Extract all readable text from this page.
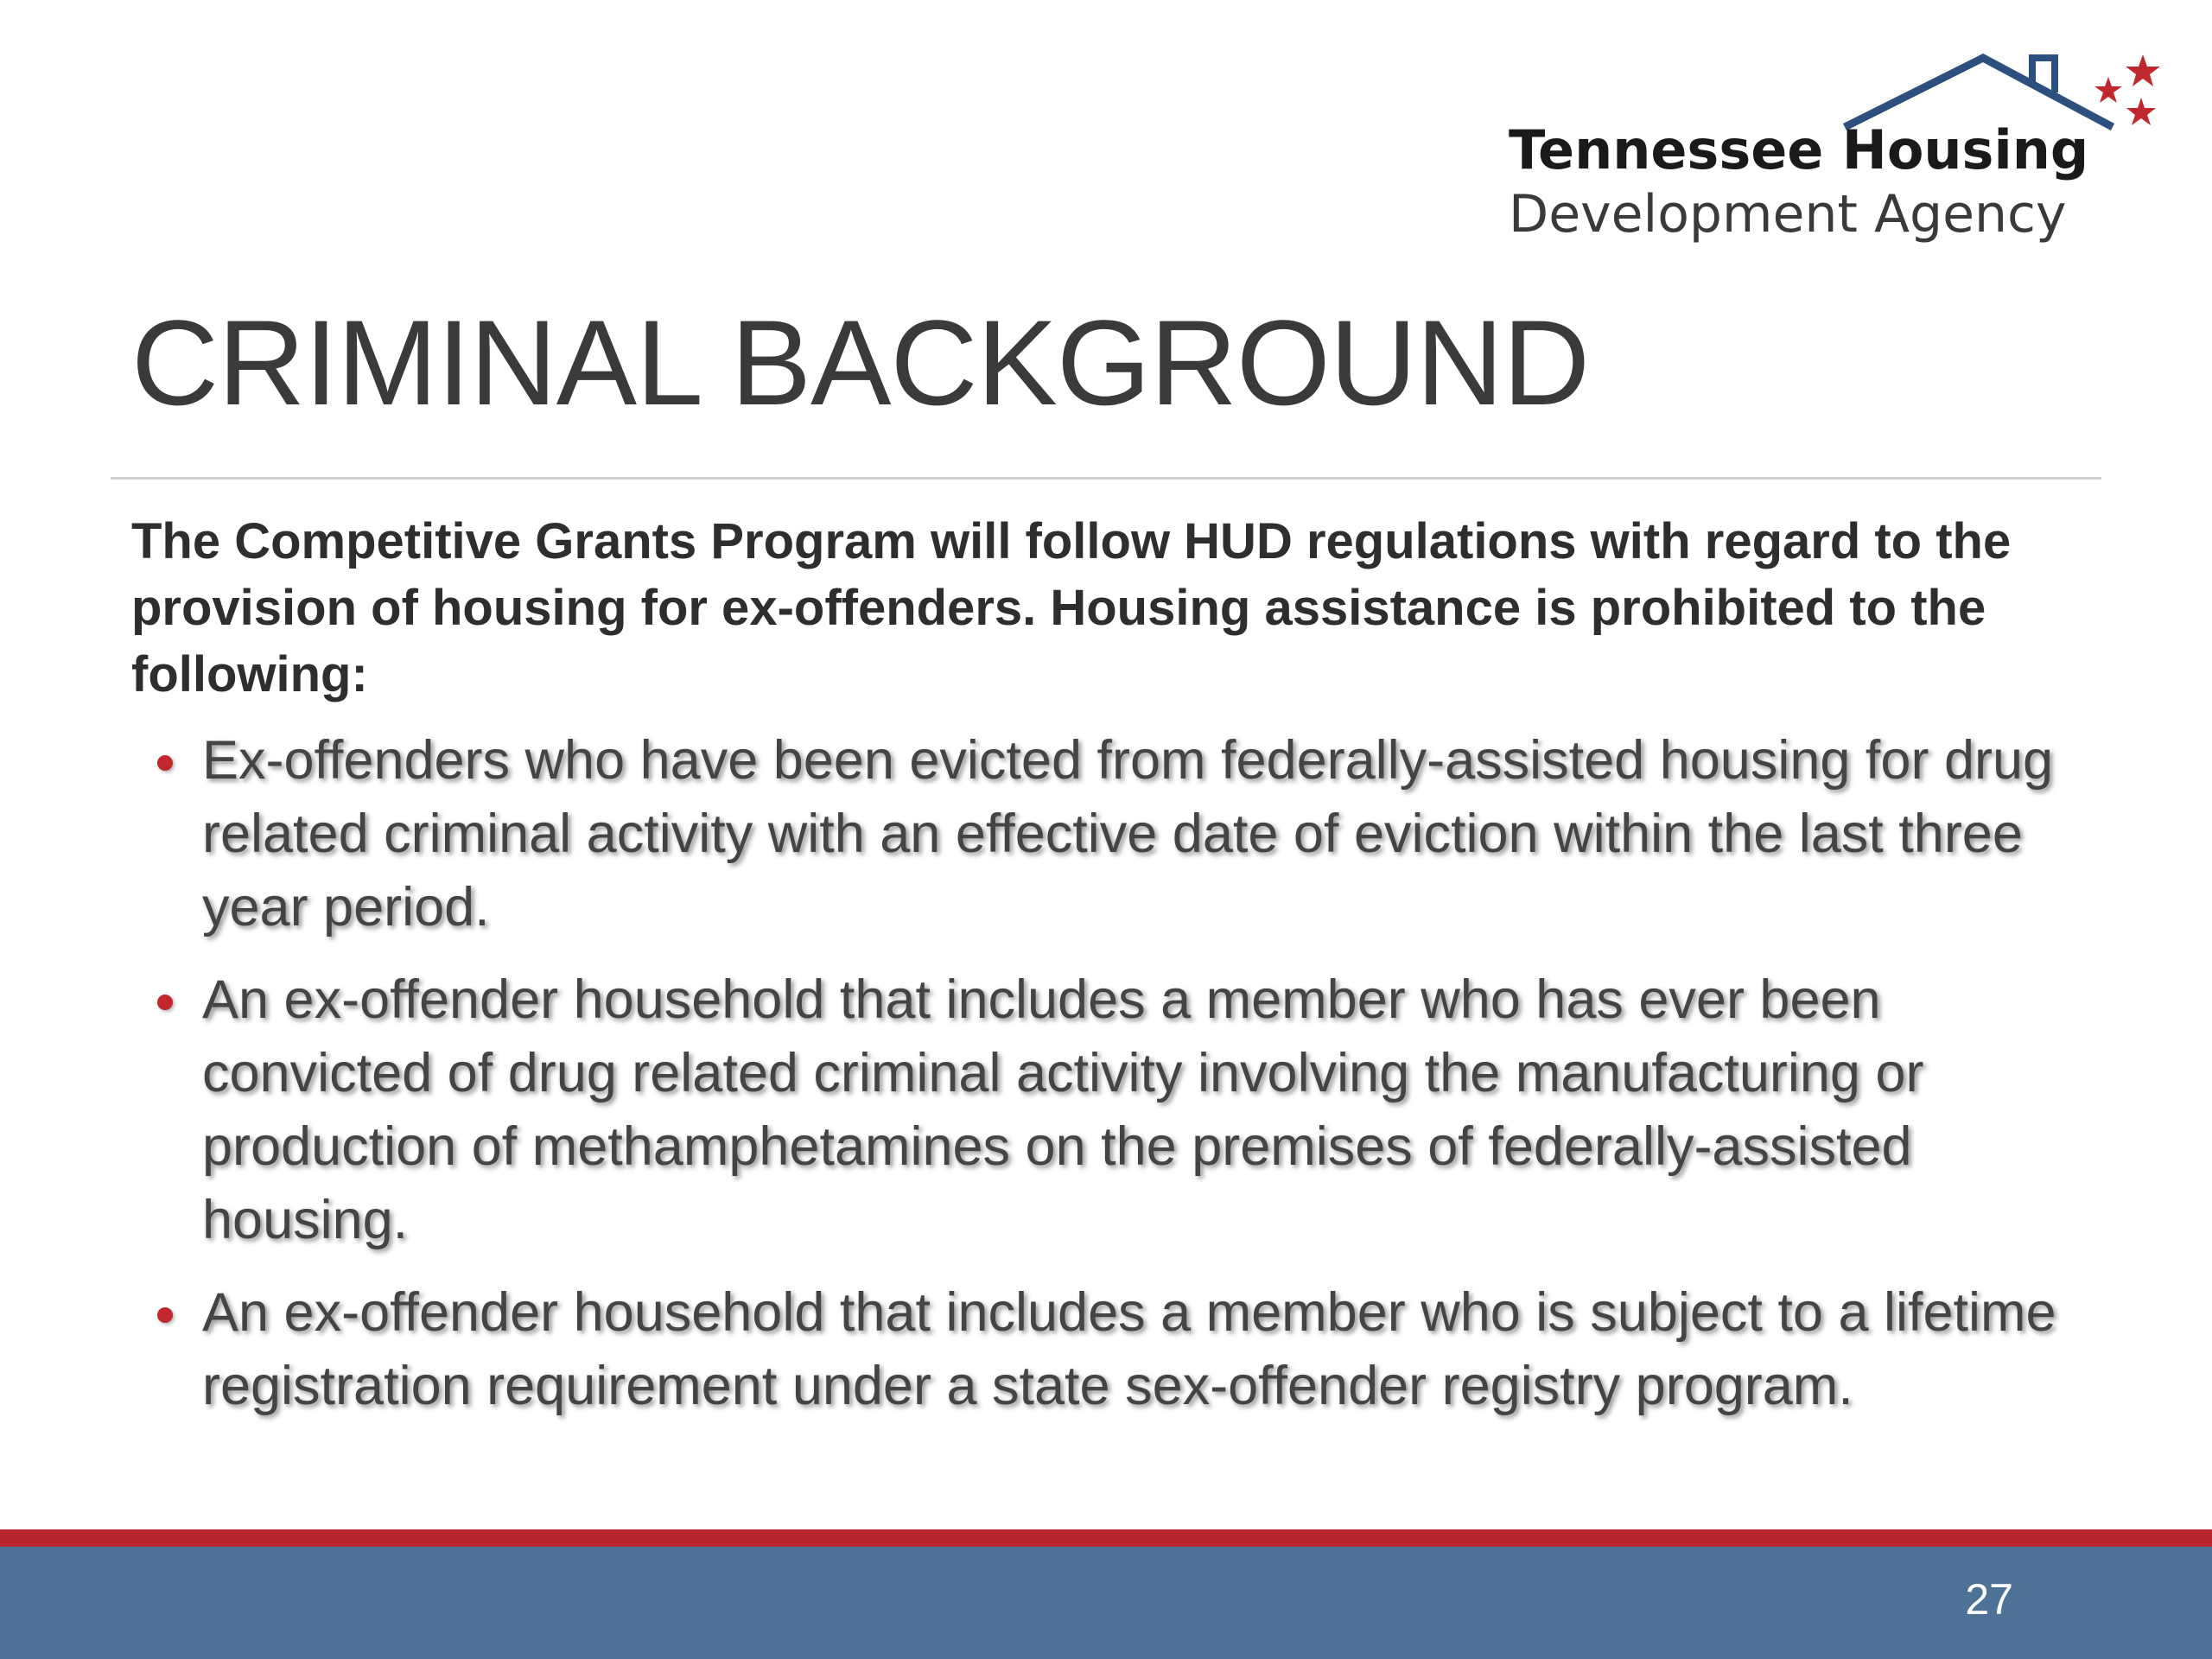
Tennessee Housing
Development Agency
CRIMINAL BACKGROUND

The Competitive Grants Program will follow HUD regulations with regard to the provision of housing for ex-offenders. Housing assistance is prohibited to the following:

Ex-offenders who have been evicted from federally-assisted housing for drug related criminal activity with an effective date of eviction within the last three year period.
An ex-offender household that includes a member who has ever been convicted of drug related criminal activity involving the manufacturing or production of methamphetamines on the premises of federally-assisted housing.
An ex-offender household that includes a member who is subject to a lifetime registration requirement under a state sex-offender registry program.
27
